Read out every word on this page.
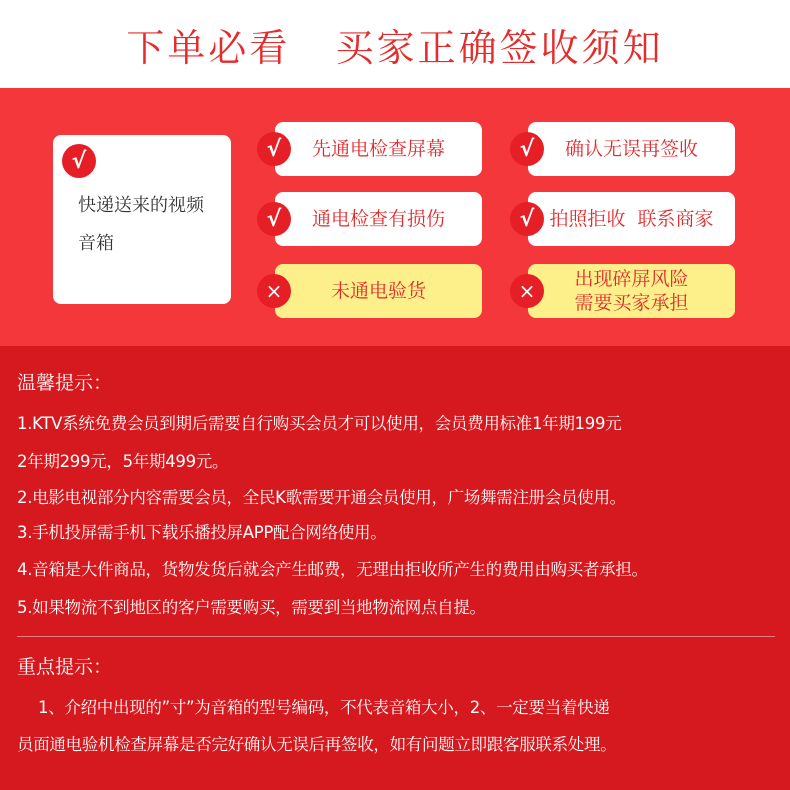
下单必看   买家正确签收须知
√
快递送来的视频音箱
√	先通电检查屏幕	√	确认无误再签收
√	通电检查有损伤	√ 拍照拒收  联系商家
×	未通电验货	×	出现碎屏风险
需要买家承担
温馨提示：
1.KTV系统免费会员到期后需要自行购买会员才可以使用，会员费用标准1年期199元
2年期299元，5年期499元。
2.电影电视部分内容需要会员，全民K歌需要开通会员使用，广场舞需注册会员使用。
3.手机投屏需手机下载乐播投屏APP配合网络使用。
4.音箱是大件商品，货物发货后就会产生邮费，无理由拒收所产生的费用由购买者承担。
5.如果物流不到地区的客户需要购买，需要到当地物流网点自提。
重点提示：
1、介绍中出现的”寸”为音箱的型号编码，不代表音箱大小，2、一定要当着快递
员面通电验机检查屏幕是否完好确认无误后再签收，如有问题立即跟客服联系处理。
